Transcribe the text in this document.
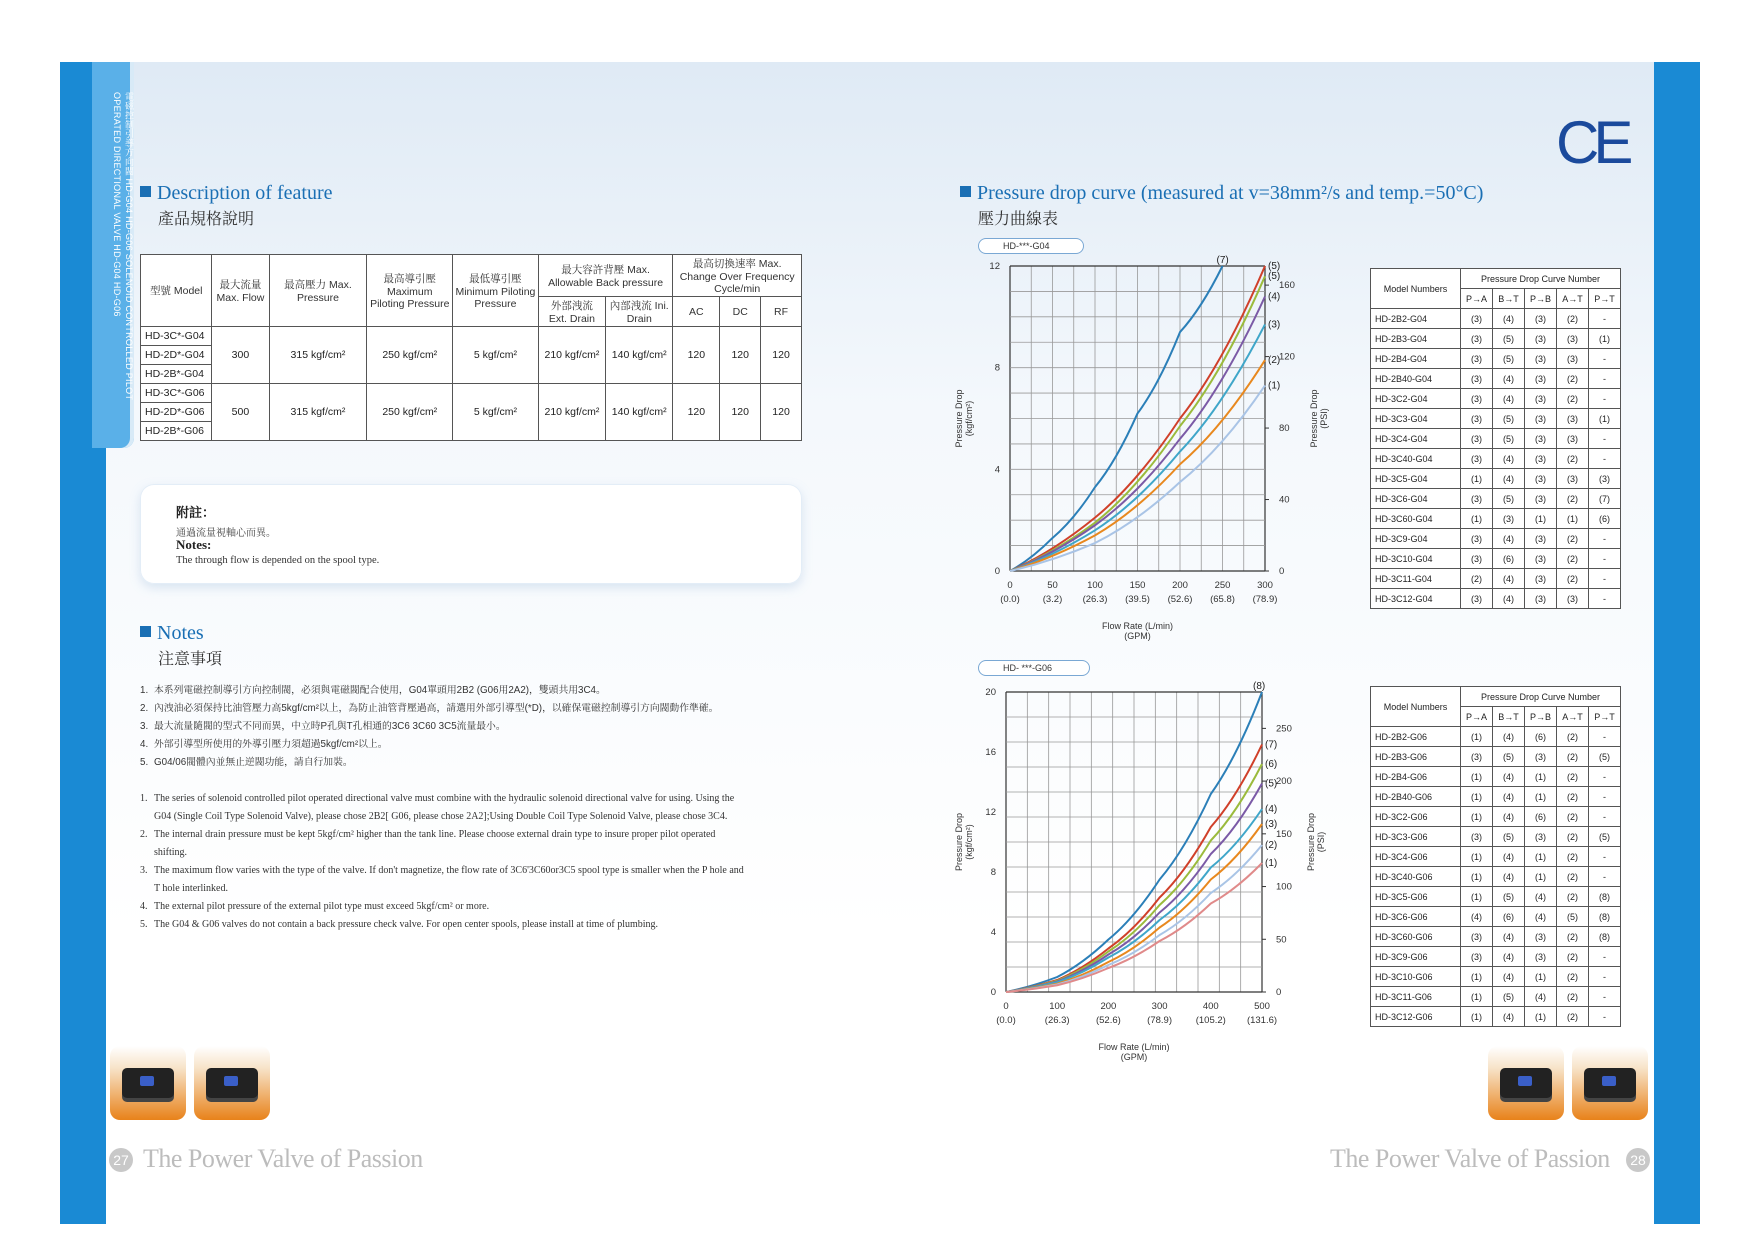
電磁控制引導方向閥 HD-G04 HD-G06 SOLENOID CONTROLLED PILOT OPERATED DIRECTIONAL VALVE HD-G04 HD-G06	CE
Description of feature
產品規格說明
型號 Model	最大流量 Max. Flow	最高壓力 Max. Pressure	最高導引壓 Maximum Piloting Pressure	最低導引壓 Minimum Piloting Pressure	最大容許背壓 Max. Allowable Back pressure		最高切換速率 Max. Change Over Frequency Cycle/min		
					外部洩流 Ext. Drain	內部洩流 Ini. Drain	AC	DC	RF
HD-3C*-G04	300	315 kgf/cm²	250 kgf/cm²	5 kgf/cm²	210 kgf/cm²	140 kgf/cm²	120	120	120
HD-2D*-G04									
HD-2B*-G04									
HD-3C*-G06	500	315 kgf/cm²	250 kgf/cm²	5 kgf/cm²	210 kgf/cm²	140 kgf/cm²	120	120	120
HD-2D*-G06									
HD-2B*-G06									
附註：
通過流量視軸心而異。
Notes:
The through flow is depended on the spool type.
Notes
注意事項
1. 本系列電磁控制導引方向控制閥，必須與電磁閥配合使用，G04單頭用2B2 (G06用2A2)，雙頭共用3C4。
2. 內洩油必須保持比油管壓力高5kgf/cm²以上，為防止油管背壓過高，請選用外部引導型(*D)，以確保電磁控制導引方向閥動作準確。
3. 最大流量隨閥的型式不同而異，中立時P孔與T孔相通的3C6 3C60 3C5流量最小。
4. 外部引導型所使用的外導引壓力須超過5kgf/cm²以上。
5. G04/06閥體內並無止逆閥功能，請自行加裝。
1. The series of solenoid controlled pilot operated directional valve must combine with the hydraulic solenoid directional valve for using. Using the
G04 (Single Coil Type Solenoid Valve), please chose 2B2[ G06, please chose 2A2];Using Double Coil Type Solenoid Valve, please chose 3C4.
2. The internal drain pressure must be kept 5kgf/cm² higher than the tank line. Please choose external drain type to insure proper pilot operated
shifting.
3. The maximum flow varies with the type of the valve. If don't magnetize, the flow rate of 3C6'3C60or3C5 spool type is smaller when the P hole and
T hole interlinked.
4. The external pilot pressure of the external pilot type must exceed 5kgf/cm² or more.
5. The G04 & G06 valves do not contain a back pressure check valve. For open center spools, please install at time of plumbing.
Pressure drop curve (measured at v=38mm²/s and temp.=50°C)
壓力曲線表
HD-***-G04
0
4
8
12
0
40
80
120
160
0
(0.0)
50
(3.2)
100
(26.3)
150
(39.5)
200
(52.6)
250
(65.8)
300
(78.9)
Flow Rate (L/min)
(GPM)
Pressure Drop (kgf/cm²)	Pressure Drop (PSI)
(7)
(5)
(5)
(4)
(3)
(2)
(1)
HD- ***-G06
0
4
8
12
16
20
0
50
100
150
200
250
0
(0.0)
100
(26.3)
200
(52.6)
300
(78.9)
400
(105.2)
500
(131.6)
Flow Rate (L/min)
(GPM)
Pressure Drop (kgf/cm²)	Pressure Drop (PSI)
(8)
(7)
(6)
(5)
(4)
(3)
(2)
(1)
Model Numbers	Pressure Drop Curve Number				
	P→A	B→T	P→B	A→T	P→T
HD-2B2-G04	(3)	(4)	(3)	(2)	-
HD-2B3-G04	(3)	(5)	(3)	(3)	(1)
HD-2B4-G04	(3)	(5)	(3)	(3)	-
HD-2B40-G04	(3)	(4)	(3)	(2)	-
HD-3C2-G04	(3)	(4)	(3)	(2)	-
HD-3C3-G04	(3)	(5)	(3)	(3)	(1)
HD-3C4-G04	(3)	(5)	(3)	(3)	-
HD-3C40-G04	(3)	(4)	(3)	(2)	-
HD-3C5-G04	(1)	(4)	(3)	(3)	(3)
HD-3C6-G04	(3)	(5)	(3)	(2)	(7)
HD-3C60-G04	(1)	(3)	(1)	(1)	(6)
HD-3C9-G04	(3)	(4)	(3)	(2)	-
HD-3C10-G04	(3)	(6)	(3)	(2)	-
HD-3C11-G04	(2)	(4)	(3)	(2)	-
HD-3C12-G04	(3)	(4)	(3)	(3)	-
Model Numbers	Pressure Drop Curve Number				
	P→A	B→T	P→B	A→T	P→T
HD-2B2-G06	(1)	(4)	(6)	(2)	-
HD-2B3-G06	(3)	(5)	(3)	(2)	(5)
HD-2B4-G06	(1)	(4)	(1)	(2)	-
HD-2B40-G06	(1)	(4)	(1)	(2)	-
HD-3C2-G06	(1)	(4)	(6)	(2)	-
HD-3C3-G06	(3)	(5)	(3)	(2)	(5)
HD-3C4-G06	(1)	(4)	(1)	(2)	-
HD-3C40-G06	(1)	(4)	(1)	(2)	-
HD-3C5-G06	(1)	(5)	(4)	(2)	(8)
HD-3C6-G06	(4)	(6)	(4)	(5)	(8)
HD-3C60-G06	(3)	(4)	(3)	(2)	(8)
HD-3C9-G06	(3)	(4)	(3)	(2)	-
HD-3C10-G06	(1)	(4)	(1)	(2)	-
HD-3C11-G06	(1)	(5)	(4)	(2)	-
HD-3C12-G06	(1)	(4)	(1)	(2)	-
27 The Power Valve of Passion	The Power Valve of Passion	28
